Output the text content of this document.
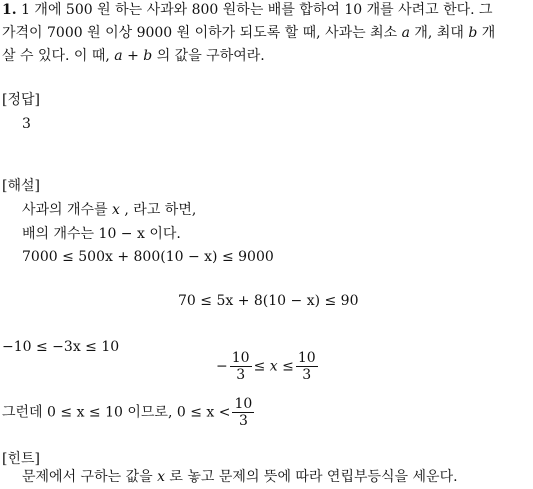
1. 1 개에 500 원 하는 사과와 800 원하는 배를 합하여 10 개를 사려고 한다. 그
가격이 7000 원 이상 9000 원 이하가 되도록 할 때, 사과는 최소 a 개, 최대 b 개
살 수 있다. 이 때, a + b 의 값을 구하여라.
[정답]
3
[해설]
사과의 개수를 x , 라고 하면,
배의 개수는 10 − x 이다.
7000 ≤ 500x + 800(10 − x) ≤ 9000
70 ≤ 5x + 8(10 − x) ≤ 90
−10 ≤ −3x ≤ 10
− $\frac{10}{3} \le x \le \frac{10}{3}$
그런데 0 ≤ x ≤ 10 이므로, $0 \le x < \frac{10}{3}$
[힌트]
문제에서 구하는 값을 x 로 놓고 문제의 뜻에 따라 연립부등식을 세운다.
